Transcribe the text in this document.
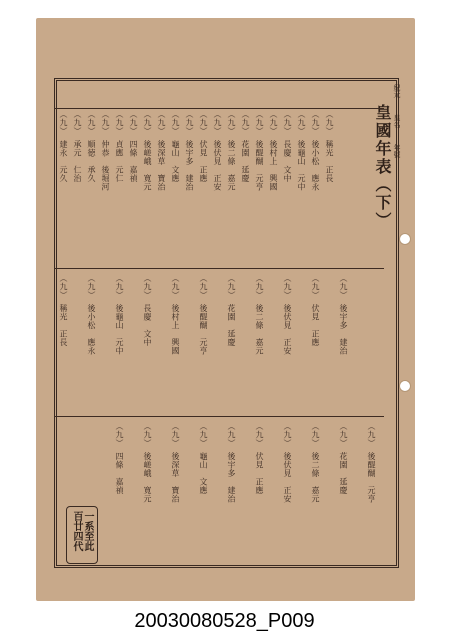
皇國年表（下）
紀元
皇名
年號
（九）　建永　元久 （九）　承元　仁治 （九）　順徳　承久 （九）　仲恭　後堀河 （九）　貞應　元仁 （九）　四條　嘉禎 （九）　後嵯峨　寛元 （九）　後深草　寶治 （九）　龜山　文應 （九）　後宇多　建治 （九）　伏見　正應 （九）　後伏見　正安 （九）　後二條　嘉元 （九）　花園　延慶 （九）　後醍醐　元亨 （九）　後村上　興國 （九）　長慶　文中 （九）　後龜山　元中 （九）　後小松　應永 （九）　稱光　正長
（九）　稱光　正長 （九）　後小松　應永 （九）　後龜山　元中 （九）　長慶　文中 （九）　後村上　興國 （九）　後醍醐　元亨 （九）　花園　延慶 （九）　後二條　嘉元 （九）　後伏見　正安 （九）　伏見　正應 （九）　後宇多　建治
（九）　四條　嘉禎 （九）　後嵯峨　寛元 （九）　後深草　寶治 （九）　龜山　文應 （九）　後宇多　建治 （九）　伏見　正應 （九）　後伏見　正安 （九）　後二條　嘉元 （九）　花園　延慶 （九）　後醍醐　元亨
一系至此
百廿四代
20030080528_P009
